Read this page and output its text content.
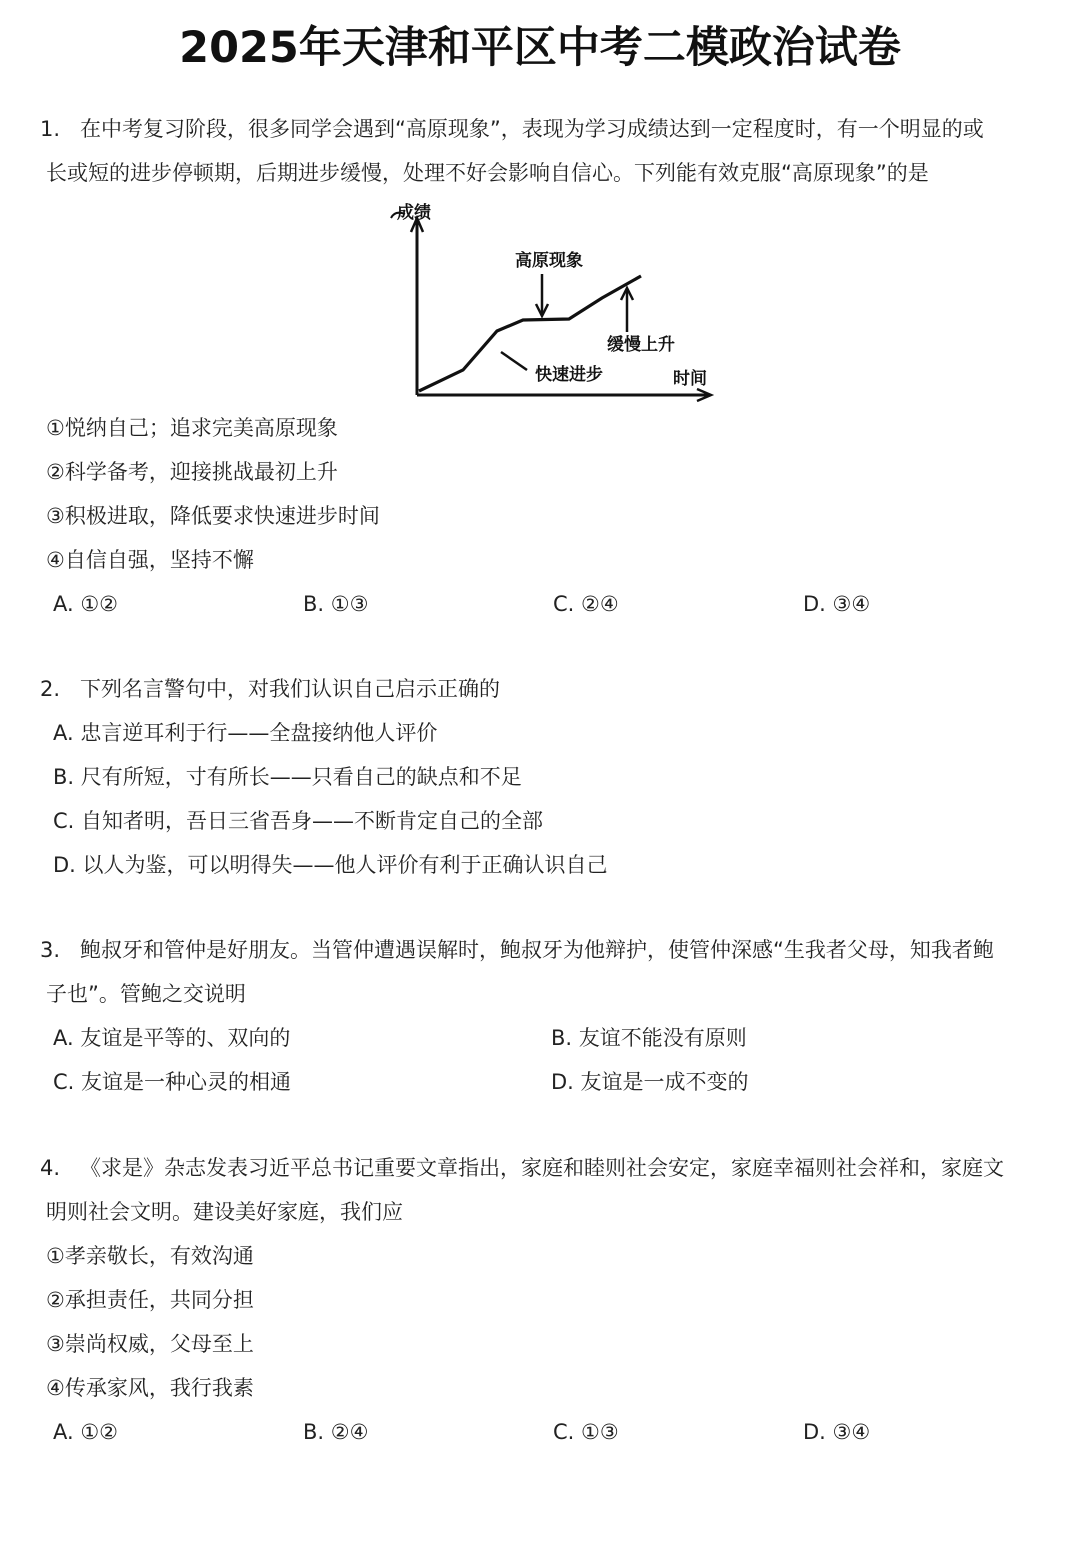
2025年天津和平区中考二模政治试卷
1. 在中考复习阶段，很多同学会遇到“高原现象”，表现为学习成绩达到一定程度时，有一个明显的或
长或短的进步停顿期，后期进步缓慢，处理不好会影响自信心。下列能有效克服“高原现象”的是
成绩
时间
高原现象
缓慢上升
快速进步
①悦纳自己；追求完美高原现象
②科学备考，迎接挑战最初上升
③积极进取，降低要求快速进步时间
④自信自强，坚持不懈
A. ①②	B. ①③	C. ②④	D. ③④
2. 下列名言警句中，对我们认识自己启示正确的
A. 忠言逆耳利于行——全盘接纳他人评价
B. 尺有所短，寸有所长——只看自己的缺点和不足
C. 自知者明，吾日三省吾身——不断肯定自己的全部
D. 以人为鉴，可以明得失——他人评价有利于正确认识自己
3. 鲍叔牙和管仲是好朋友。当管仲遭遇误解时，鲍叔牙为他辩护，使管仲深感“生我者父母，知我者鲍
子也”。管鲍之交说明
A. 友谊是平等的、双向的	B. 友谊不能没有原则
C. 友谊是一种心灵的相通	D. 友谊是一成不变的
4. 《求是》杂志发表习近平总书记重要文章指出，家庭和睦则社会安定，家庭幸福则社会祥和，家庭文
明则社会文明。建设美好家庭，我们应
①孝亲敬长，有效沟通
②承担责任，共同分担
③崇尚权威，父母至上
④传承家风，我行我素
A. ①②	B. ②④	C. ①③	D. ③④
